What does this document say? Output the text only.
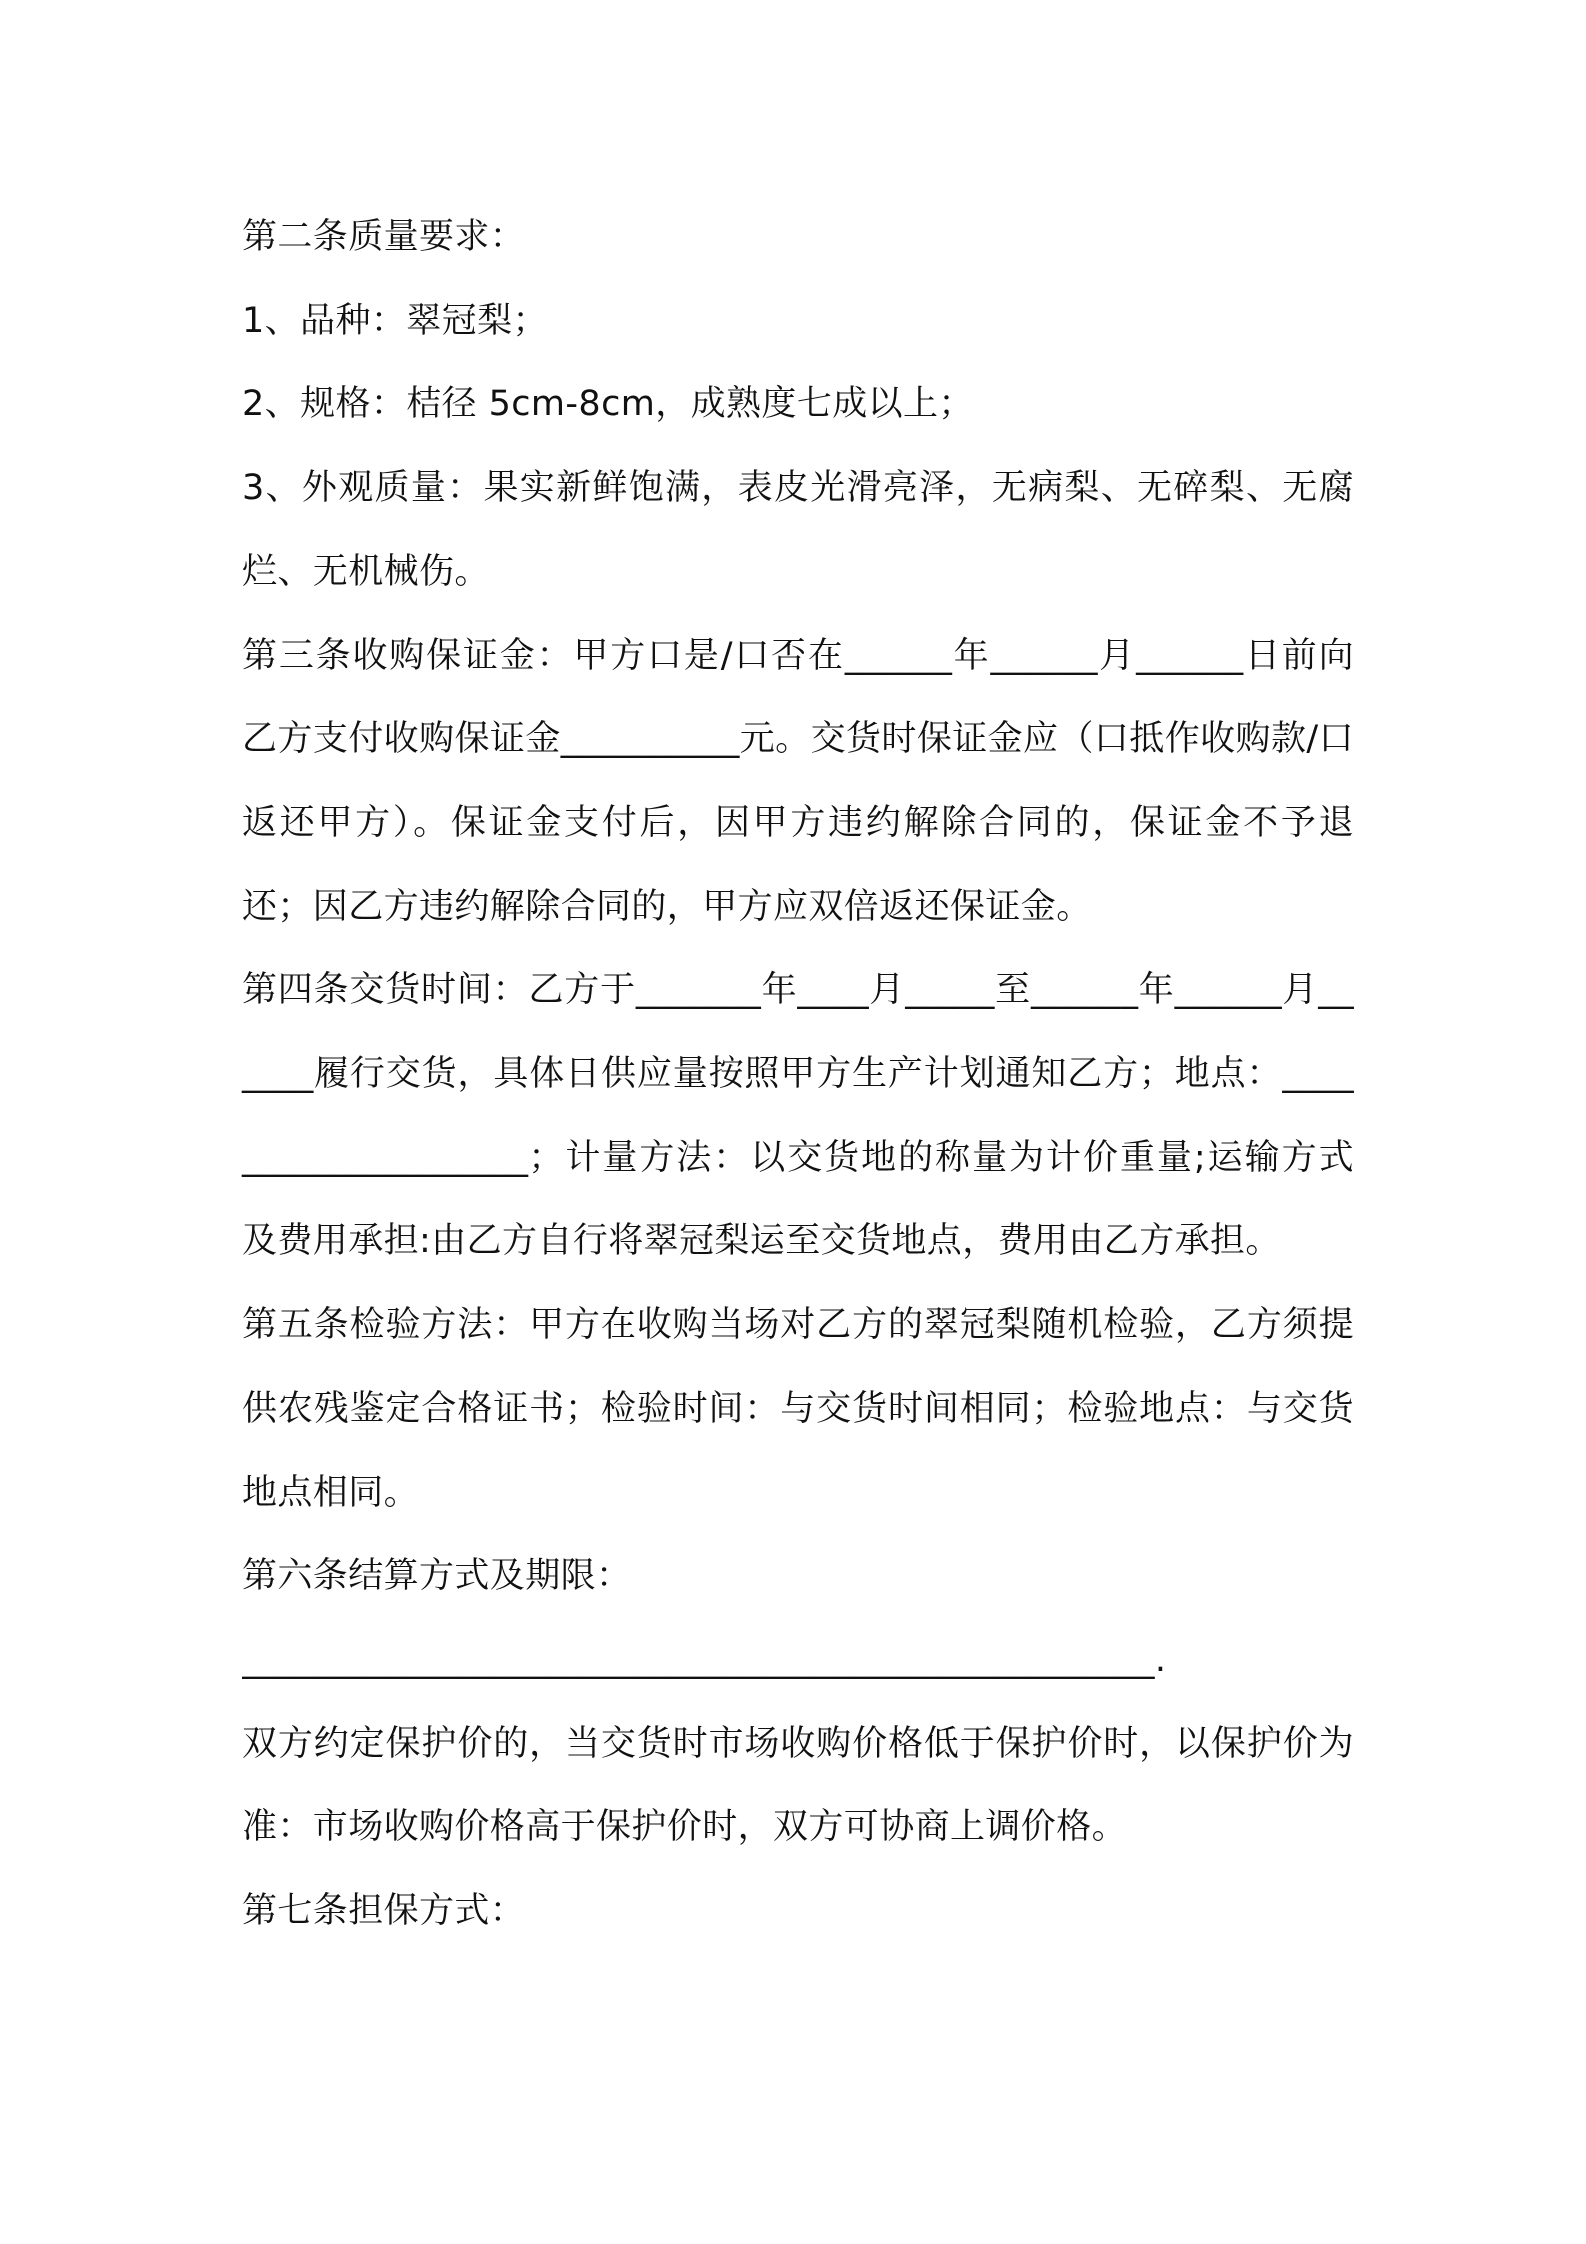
第二条质量要求：

1、品种：翠冠梨；

2、规格：桔径 5cm-8cm，成熟度七成以上；

3、外观质量：果实新鲜饱满，表皮光滑亮泽，无病梨、无碎梨、无腐烂、无机械伤。

第三条收购保证金：甲方口是/口否在______年______月______日前向乙方支付收购保证金__________元。交货时保证金应（口抵作收购款/口返还甲方）。保证金支付后，因甲方违约解除合同的，保证金不予退还；因乙方违约解除合同的，甲方应双倍返还保证金。

第四条交货时间：乙方于_______年____月_____至______年______月______履行交货，具体日供应量按照甲方生产计划通知乙方；地点：____________________；计量方法：以交货地的称量为计价重量;运输方式及费用承担:由乙方自行将翠冠梨运至交货地点，费用由乙方承担。

第五条检验方法：甲方在收购当场对乙方的翠冠梨随机检验，乙方须提供农残鉴定合格证书；检验时间：与交货时间相同；检验地点：与交货地点相同。

第六条结算方式及期限：

___________________________________________________.

双方约定保护价的，当交货时市场收购价格低于保护价时，以保护价为准：市场收购价格高于保护价时，双方可协商上调价格。

第七条担保方式：
